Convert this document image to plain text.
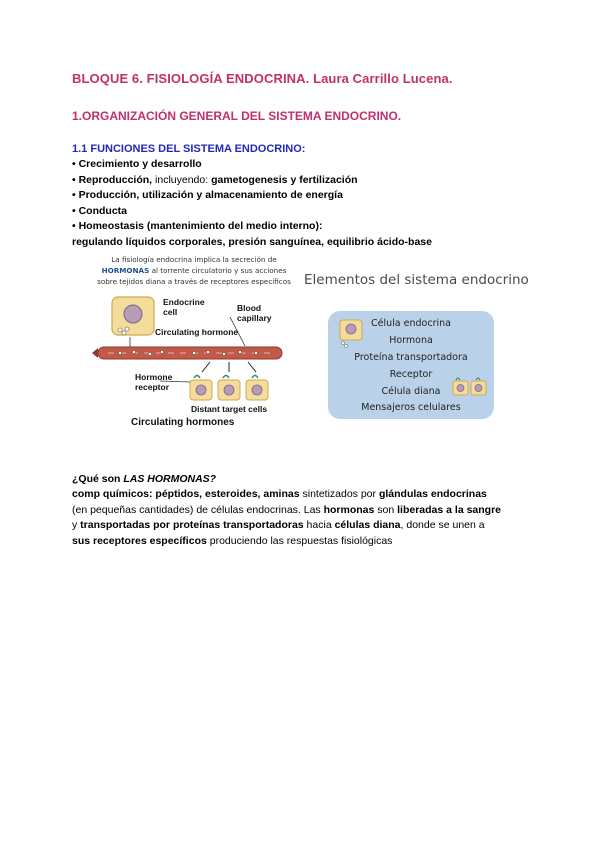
BLOQUE 6. FISIOLOGÍA ENDOCRINA. Laura Carrillo Lucena.
1.ORGANIZACIÓN GENERAL DEL SISTEMA ENDOCRINO.
1.1 FUNCIONES DEL SISTEMA ENDOCRINO:
• Crecimiento y desarrollo
• Reproducción, incluyendo: gametogenesis y fertilización
• Producción, utilización y almacenamiento de energía
• Conducta
• Homeostasis (mantenimiento del medio interno):
regulando líquidos corporales, presión sanguínea, equilibrio ácido-base
La fisiología endocrina implica la secreción de
HORMONAS al torrente circulatorio y sus acciones
sobre tejidos diana a través de receptores específicos
Endocrine
cell	Blood
capillary
Circulating hormone
Hormone
receptor
Distant target cells
Circulating hormones
Elementos del sistema endocrino
Célula endocrina
Hormona
Proteína transportadora
Receptor
Célula diana
Mensajeros celulares
¿Qué son LAS HORMONAS?
comp químicos: péptidos, esteroides, aminas sintetizados por glándulas endocrinas
(en pequeñas cantidades) de células endocrinas. Las hormonas son liberadas a la sangre
y transportadas por proteínas transportadoras hacia células diana, donde se unen a
sus receptores específicos produciendo las respuestas fisiológicas
